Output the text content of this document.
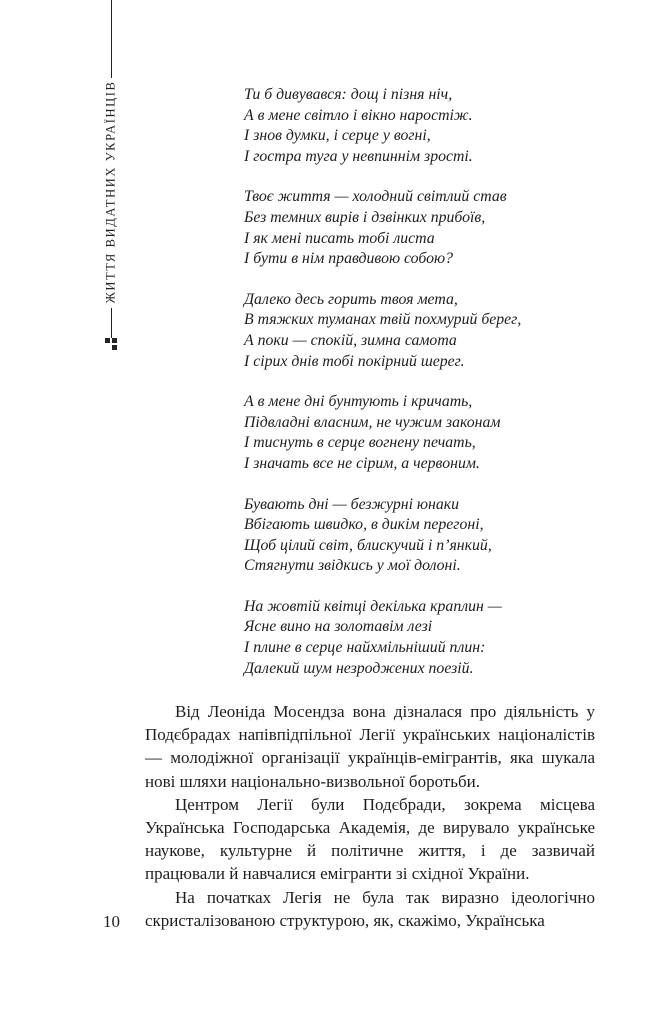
ЖИТТЯ ВИДАТНИХ УКРАЇНЦІВ	Ти б дивувався: дощ і пізня ніч,
А в мене світло і вікно наростіж.
І знов думки, і серце у вогні,
І гостра туга у невпиннім зрості.
Твоє життя — холодний світлий став
Без темних вирів і дзвінких прибоїв,
І як мені писать тобі листа
І бути в нім правдивою собою?
Далеко десь горить твоя мета,
В тяжких туманах твій похмурий берег,
А поки — спокій, зимна самота
І сірих днів тобі покірний шерег.
А в мене дні бунтують і кричать,
Підвладні власним, не чужим законам
І тиснуть в серце вогнену печать,
І значать все не сірим, а червоним.
Бувають дні — безжурні юнаки
Вбігають швидко, в дикім перегоні,
Щоб цілий світ, блискучий і п’янкий,
Стягнути звідкись у мої долоні.
На жовтій квітці декілька краплин —
Ясне вино на золотавім лезі
І плине в серце найхмільніший плин:
Далекий шум незроджених поезій.

Від Леоніда Мосендза вона дізналася про діяльність у Подєбрадах напівпідпільної Легії українських націоналістів — молодіжної організації українців-емігрантів, яка шукала нові шляхи національно-визвольної боротьби.

Центром Легії були Подєбради, зокрема місцева Українська Господарська Академія, де вирувало українське наукове, культурне й політичне життя, і де зазвичай працювали й навчалися емігранти зі східної України.

На початках Легія не була так виразно ідеологічно скристалізованою структурою, як, скажімо, Українська

10
